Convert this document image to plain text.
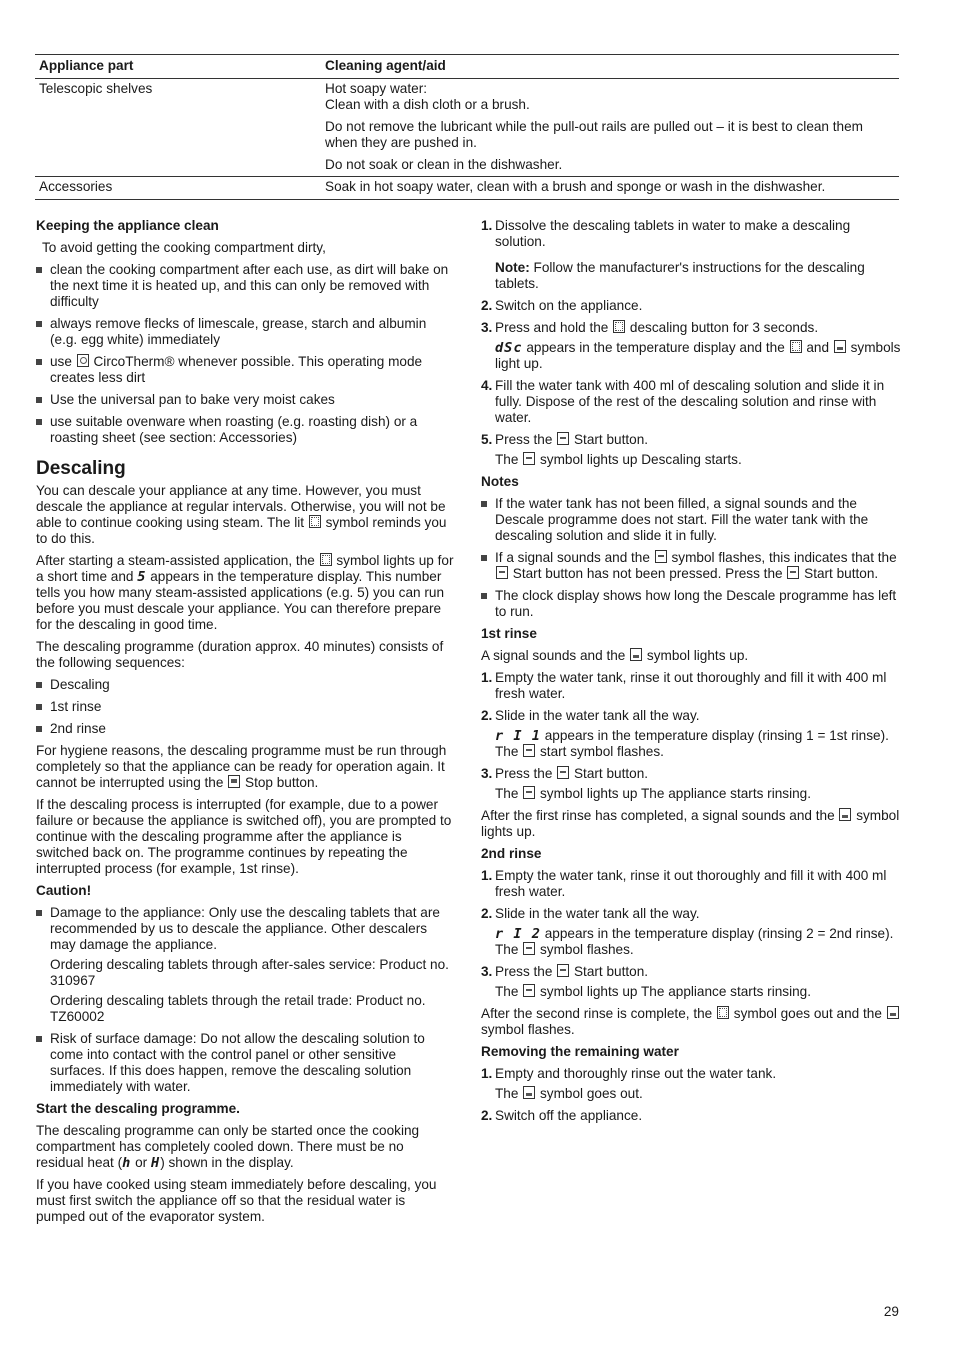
Appliance part	Cleaning agent/aid
Telescopic shelves	Hot soapy water:
Clean with a dish cloth or a brush.

Do not remove the lubricant while the pull-out rails are pulled out – it is best to clean them when they are pushed in.

Do not soak or clean in the dishwasher.

Accessories	Soak in hot soapy water, clean with a brush and sponge or wash in the dishwasher.

Keeping the appliance clean

To avoid getting the cooking compartment dirty,

clean the cooking compartment after each use, as dirt will bake on the next time it is heated up, and this can only be removed with difficulty
always remove flecks of limescale, grease, starch and albumin (e.g. egg white) immediately
use CircoTherm® whenever possible. This operating mode creates less dirt
Use the universal pan to bake very moist cakes
use suitable ovenware when roasting (e.g. roasting dish) or a roasting sheet (see section: Accessories)
Descaling

You can descale your appliance at any time. However, you must descale the appliance at regular intervals. Otherwise, you will not be able to continue cooking using steam. The lit symbol reminds you to do this.

After starting a steam-assisted application, the symbol lights up for a short time and 5 appears in the temperature display. This number tells you how many steam-assisted applications (e.g. 5) you can run before you must descale your appliance. You can therefore prepare for the descaling in good time.

The descaling programme (duration approx. 40 minutes) consists of the following sequences:

Descaling
1st rinse
2nd rinse

For hygiene reasons, the descaling programme must be run through completely so that the appliance can be ready for operation again. It cannot be interrupted using the Stop button.

If the descaling process is interrupted (for example, due to a power failure or because the appliance is switched off), you are prompted to continue with the descaling programme after the appliance is switched back on. The programme continues by repeating the interrupted process (for example, 1st rinse).

Caution!

Damage to the appliance: Only use the descaling tablets that are recommended by us to descale the appliance. Other descalers may damage the appliance.

Ordering descaling tablets through after-sales service: Product no. 310967

Ordering descaling tablets through the retail trade: Product no. TZ60002

Risk of surface damage: Do not allow the descaling solution to come into contact with the control panel or other sensitive surfaces. If this does happen, remove the descaling solution immediately with water.
Start the descaling programme.

The descaling programme can only be started once the cooking compartment has completely cooled down. There must be no residual heat (h or H) shown in the display.

If you have cooked using steam immediately before descaling, you must first switch the appliance off so that the residual water is pumped out of the evaporator system.

1. Dissolve the descaling tablets in water to make a descaling solution.

Note: Follow the manufacturer's instructions for the descaling tablets.

2. Switch on the appliance.
3. Press and hold the descaling button for 3 seconds.

dSc appears in the temperature display and the and symbols light up.

4. Fill the water tank with 400 ml of descaling solution and slide it in fully. Dispose of the rest of the descaling solution and rinse with water.
5. Press the Start button.

The symbol lights up Descaling starts.

Notes
If the water tank has not been filled, a signal sounds and the Descale programme does not start. Fill the water tank with the descaling solution and slide it in fully.
If a signal sounds and the symbol flashes, this indicates that the  Start button has not been pressed. Press the Start button.
The clock display shows how long the Descale programme has left to run.
1st rinse

A signal sounds and the symbol lights up.

1. Empty the water tank, rinse it out thoroughly and fill it with 400 ml fresh water.
2. Slide in the water tank all the way.

r I 1 appears in the temperature display (rinsing 1 = 1st rinse). The start symbol flashes.

3. Press the Start button.

The symbol lights up The appliance starts rinsing.

After the first rinse has completed, a signal sounds and the symbol lights up.

2nd rinse
1. Empty the water tank, rinse it out thoroughly and fill it with 400 ml fresh water.
2. Slide in the water tank all the way.

r I 2 appears in the temperature display (rinsing 2 = 2nd rinse). The symbol flashes.

3. Press the Start button.

The symbol lights up The appliance starts rinsing.

After the second rinse is complete, the symbol goes out and the  symbol flashes.

Removing the remaining water
1. Empty and thoroughly rinse out the water tank.

The symbol goes out.

2. Switch off the appliance.
29
